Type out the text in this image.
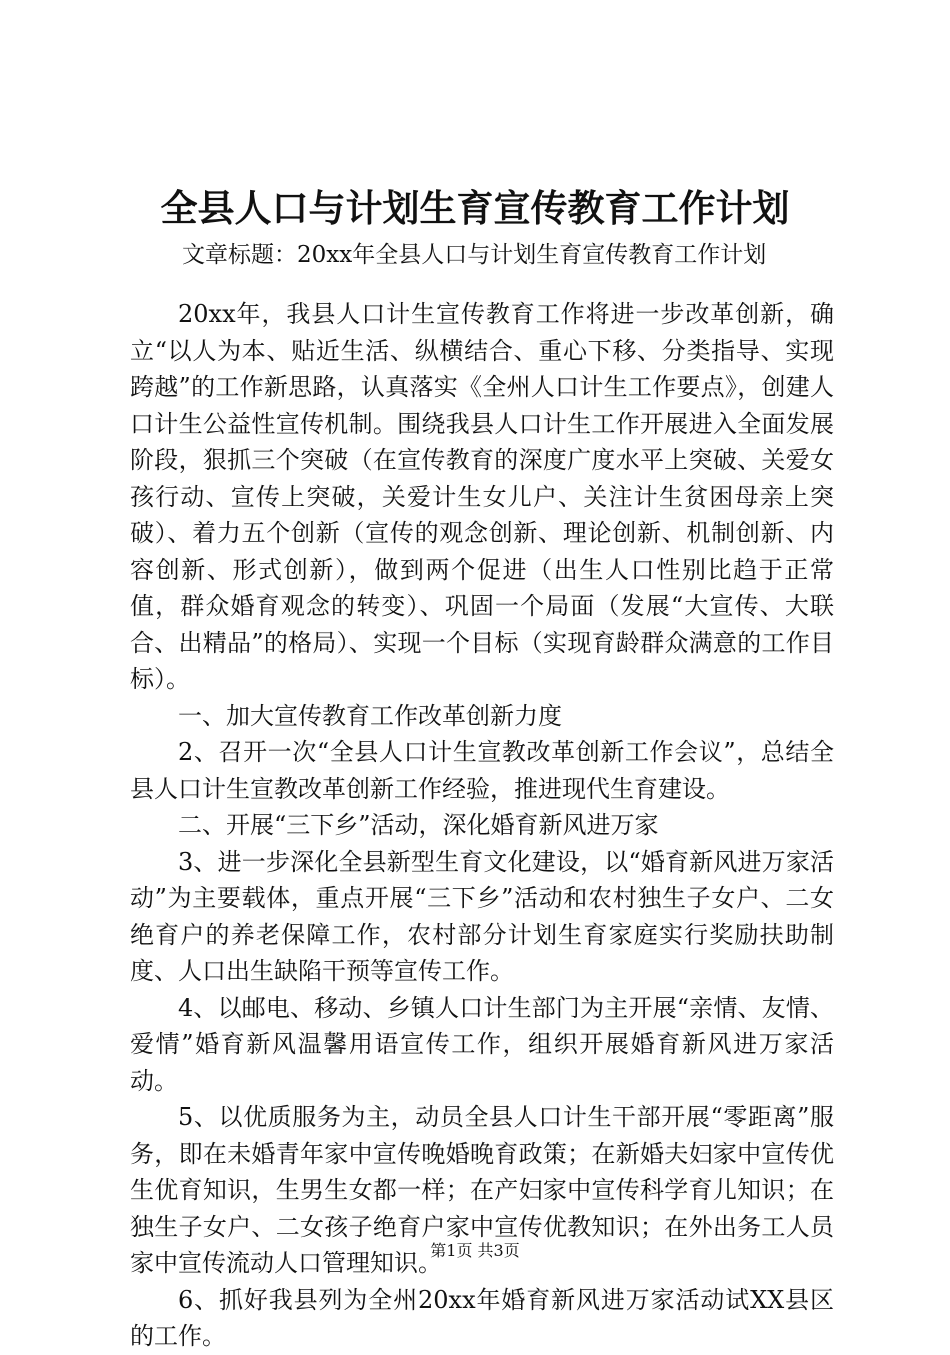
全县人口与计划生育宣传教育工作计划

文章标题：20xx年全县人口与计划生育宣传教育工作计划

20xx年，我县人口计生宣传教育工作将进一步改革创新，确立“以人为本、贴近生活、纵横结合、重心下移、分类指导、实现跨越”的工作新思路，认真落实《全州人口计生工作要点》，创建人口计生公益性宣传机制。围绕我县人口计生工作开展进入全面发展阶段，狠抓三个突破（在宣传教育的深度广度水平上突破、关爱女孩行动、宣传上突破，关爱计生女儿户、关注计生贫困母亲上突破）、着力五个创新（宣传的观念创新、理论创新、机制创新、内容创新、形式创新），做到两个促进（出生人口性别比趋于正常值，群众婚育观念的转变）、巩固一个局面（发展“大宣传、大联合、出精品”的格局）、实现一个目标（实现育龄群众满意的工作目标）。

一、加大宣传教育工作改革创新力度

2、召开一次“全县人口计生宣教改革创新工作会议”，总结全县人口计生宣教改革创新工作经验，推进现代生育建设。

二、开展“三下乡”活动，深化婚育新风进万家

3、进一步深化全县新型生育文化建设，以“婚育新风进万家活动”为主要载体，重点开展“三下乡”活动和农村独生子女户、二女绝育户的养老保障工作，农村部分计划生育家庭实行奖励扶助制度、人口出生缺陷干预等宣传工作。

4、以邮电、移动、乡镇人口计生部门为主开展“亲情、友情、爱情”婚育新风温馨用语宣传工作，组织开展婚育新风进万家活动。

5、以优质服务为主，动员全县人口计生干部开展“零距离”服务，即在未婚青年家中宣传晚婚晚育政策；在新婚夫妇家中宣传优生优育知识，生男生女都一样；在产妇家中宣传科学育儿知识；在独生子女户、二女孩子绝育户家中宣传优教知识；在外出务工人员家中宣传流动人口管理知识。

6、抓好我县列为全州20xx年婚育新风进万家活动试XX县区的工作。

第1页 共3页
